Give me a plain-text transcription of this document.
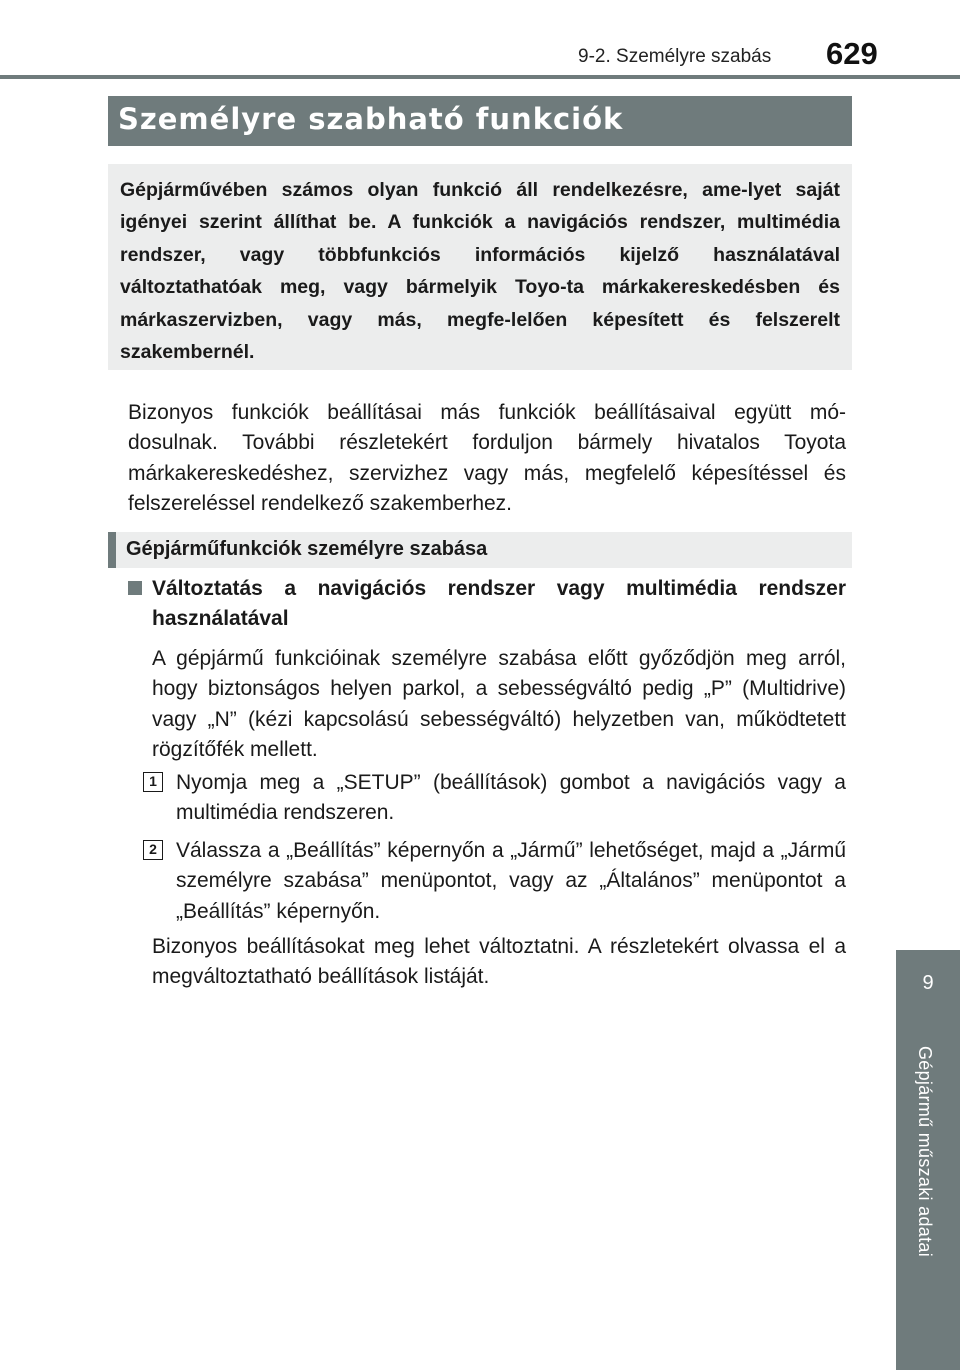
9-2. Személyre szabás 629
9
Gépjármű műszaki adatai
Személyre szabható funkciók
Gépjárművében számos olyan funkció áll rendelkezésre, ame-lyet saját igényei szerint állíthat be. A funkciók a navigációs rendszer, multimédia rendszer, vagy többfunkciós információs kijelző használatával változtathatóak meg, vagy bármelyik Toyo-ta márkakereskedésben és márkaszervizben, vagy más, megfe-lelően képesített és felszerelt szakembernél.
Bizonyos funkciók beállításai más funkciók beállításaival együtt mó-dosulnak. További részletekért forduljon bármely hivatalos Toyota márkakereskedéshez, szervizhez vagy más, megfelelő képesítéssel és felszereléssel rendelkező szakemberhez.
Gépjárműfunkciók személyre szabása
Változtatás a navigációs rendszer vagy multimédia rendszer használatával
A gépjármű funkcióinak személyre szabása előtt győződjön meg arról, hogy biztonságos helyen parkol, a sebességváltó pedig „P” (Multidrive) vagy „N” (kézi kapcsolású sebességváltó) helyzetben van, működtetett rögzítőfék mellett.
1 Nyomja meg a „SETUP” (beállítások) gombot a navigációs vagy a multimédia rendszeren.
2 Válassza a „Beállítás” képernyőn a „Jármű” lehetőséget, majd a „Jármű személyre szabása” menüpontot, vagy az „Általános” menüpontot a „Beállítás” képernyőn.
Bizonyos beállításokat meg lehet változtatni. A részletekért olvassa el a megváltoztatható beállítások listáját.
